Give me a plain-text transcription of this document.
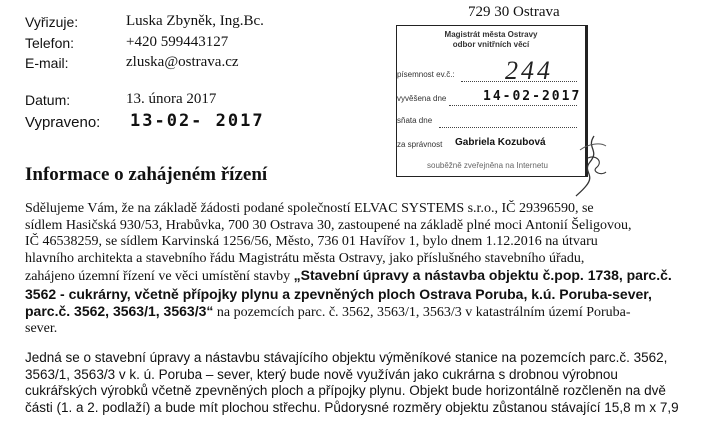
729 30 Ostrava
Vyřizuje:	Luska Zbyněk, Ing.Bc.
Telefon:	+420 599443127
E-mail:	zluska@ostrava.cz
Datum:	13. února 2017
Vypraveno: 13-02- 2017
Magistrát města Ostravy
odbor vnitřních věcí
písemnost ev.č.: 244
vyvěšena dne	14-02-2017
sňata dne
za správnost Gabriela Kozubová
souběžně zveřejněna na Internetu
Informace o zahájeném řízení
Sdělujeme Vám, že na základě žádosti podané společností ELVAC SYSTEMS s.r.o., IČ 29396590, se
sídlem Hasičská 930/53, Hrabůvka, 700 30 Ostrava 30, zastoupené na základě plné moci Antonií Šeligovou,
IČ 46538259, se sídlem Karvinská 1256/56, Město, 736 01 Havířov 1, bylo dnem 1.12.2016 na útvaru
hlavního architekta a stavebního řádu Magistrátu města Ostravy, jako příslušného stavebního úřadu,
zahájeno územní řízení ve věci umístění stavby „Stavební úpravy a nástavba objektu č.pop. 1738, parc.č.
3562 - cukrárny, včetně přípojky plynu a zpevněných ploch Ostrava Poruba, k.ú. Poruba-sever,
parc.č. 3562, 3563/1, 3563/3“ na pozemcích parc. č. 3562, 3563/1, 3563/3 v katastrálním území Poruba-
sever.
Jedná se o stavební úpravy a nástavbu stávajícího objektu výměníkové stanice na pozemcích parc.č. 3562,
3563/1, 3563/3 v k. ú. Poruba – sever, který bude nově využíván jako cukrárna s drobnou výrobnou
cukrářských výrobků včetně zpevněných ploch a přípojky plynu. Objekt bude horizontálně rozčleněn na dvě
části (1. a 2. podlaží) a bude mít plochou střechu. Půdorysné rozměry objektu zůstanou stávající 15,8 m x 7,9
